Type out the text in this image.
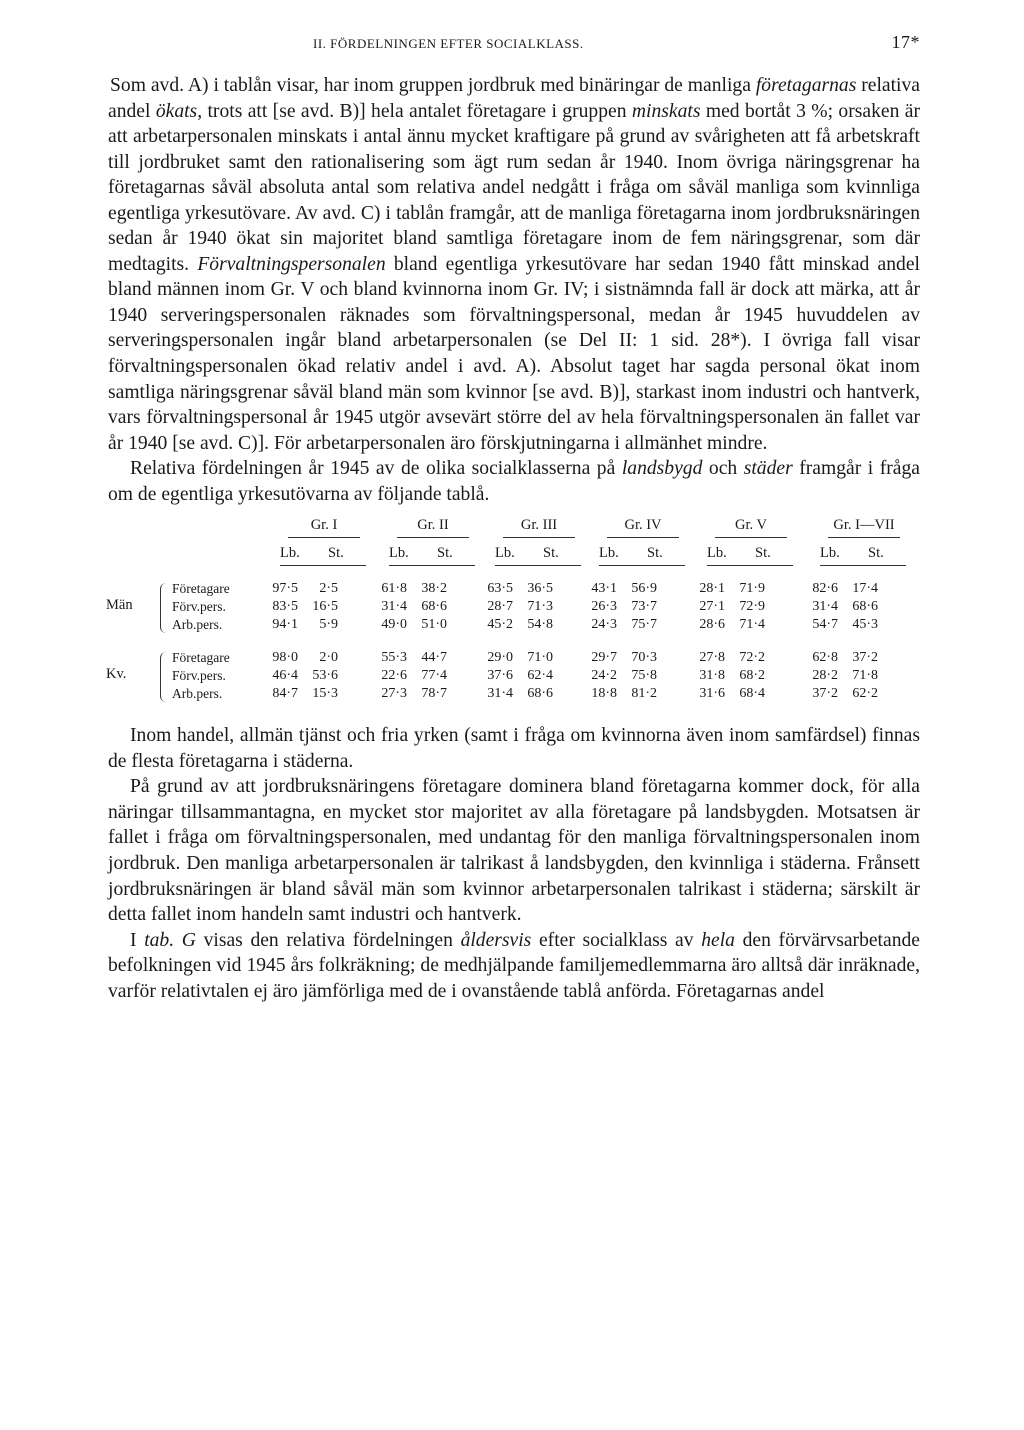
II. FÖRDELNINGEN EFTER SOCIALKLASS.	17*

Som avd. A) i tablån visar, har inom gruppen jordbruk med binäringar de manliga företagarnas relativa andel ökats, trots att [se avd. B)] hela antalet företagare i gruppen minskats med bortåt 3 %; orsaken är att arbetarpersonalen minskats i antal ännu mycket kraftigare på grund av svårigheten att få arbetskraft till jordbruket samt den rationalisering som ägt rum sedan år 1940. Inom övriga näringsgrenar ha företagarnas såväl absoluta antal som relativa andel nedgått i fråga om såväl manliga som kvinnliga egentliga yrkesutövare. Av avd. C) i tablån framgår, att de manliga företagarna inom jordbruksnäringen sedan år 1940 ökat sin majoritet bland samtliga företagare inom de fem näringsgrenar, som där medtagits. Förvaltningspersonalen bland egentliga yrkesutövare har sedan 1940 fått minskad andel bland männen inom Gr. V och bland kvinnorna inom Gr. IV; i sistnämnda fall är dock att märka, att år 1940 serveringspersonalen räknades som förvaltningspersonal, medan år 1945 huvuddelen av serveringspersonalen ingår bland arbetarpersonalen (se Del II: 1 sid. 28*). I övriga fall visar förvaltningspersonalen ökad relativ andel i avd. A). Absolut taget har sagda personal ökat inom samtliga näringsgrenar såväl bland män som kvinnor [se avd. B)], starkast inom industri och hantverk, vars förvaltningspersonal år 1945 utgör avsevärt större del av hela förvaltningspersonalen än fallet var år 1940 [se avd. C)]. För arbetarpersonalen äro förskjutningarna i allmänhet mindre.

Relativa fördelningen år 1945 av de olika socialklasserna på landsbygd och städer framgår i fråga om de egentliga yrkesutövarna av följande tablå.

Gr. I
Lb. St.
Gr. II
Lb. St.
Gr. III
Lb. St.
Gr. IV
Lb. St.
Gr. V
Lb. St.
Gr. I—VII
Lb. St.
Män
Företagare	97·5	2·5	61·8	38·2	63·5	36·5	43·1	56·9	28·1	71·9	82·6	17·4
Förv.pers.	83·5	16·5	31·4	68·6	28·7	71·3	26·3	73·7	27·1	72·9	31·4	68·6
Arb.pers.	94·1	5·9	49·0	51·0	45·2	54·8	24·3	75·7	28·6	71·4	54·7	45·3
Kv.
Företagare	98·0	2·0	55·3	44·7	29·0	71·0	29·7	70·3	27·8	72·2	62·8	37·2
Förv.pers.	46·4	53·6	22·6	77·4	37·6	62·4	24·2	75·8	31·8	68·2	28·2	71·8
Arb.pers.	84·7	15·3	27·3	78·7	31·4	68·6	18·8	81·2	31·6	68·4	37·2	62·2

Inom handel, allmän tjänst och fria yrken (samt i fråga om kvinnorna även inom samfärdsel) finnas de flesta företagarna i städerna.

På grund av att jordbruksnäringens företagare dominera bland företagarna kommer dock, för alla näringar tillsammantagna, en mycket stor majoritet av alla företagare på landsbygden. Motsatsen är fallet i fråga om förvaltningspersonalen, med undantag för den manliga förvaltningspersonalen inom jordbruk. Den manliga arbetarpersonalen är talrikast å landsbygden, den kvinnliga i städerna. Frånsett jordbruksnäringen är bland såväl män som kvinnor arbetarpersonalen talrikast i städerna; särskilt är detta fallet inom handeln samt industri och hantverk.

I tab. G visas den relativa fördelningen åldersvis efter socialklass av hela den förvärvsarbetande befolkningen vid 1945 års folkräkning; de medhjälpande familjemedlemmarna äro alltså där inräknade, varför relativtalen ej äro jämförliga med de i ovanstående tablå anförda. Företagarnas andel
